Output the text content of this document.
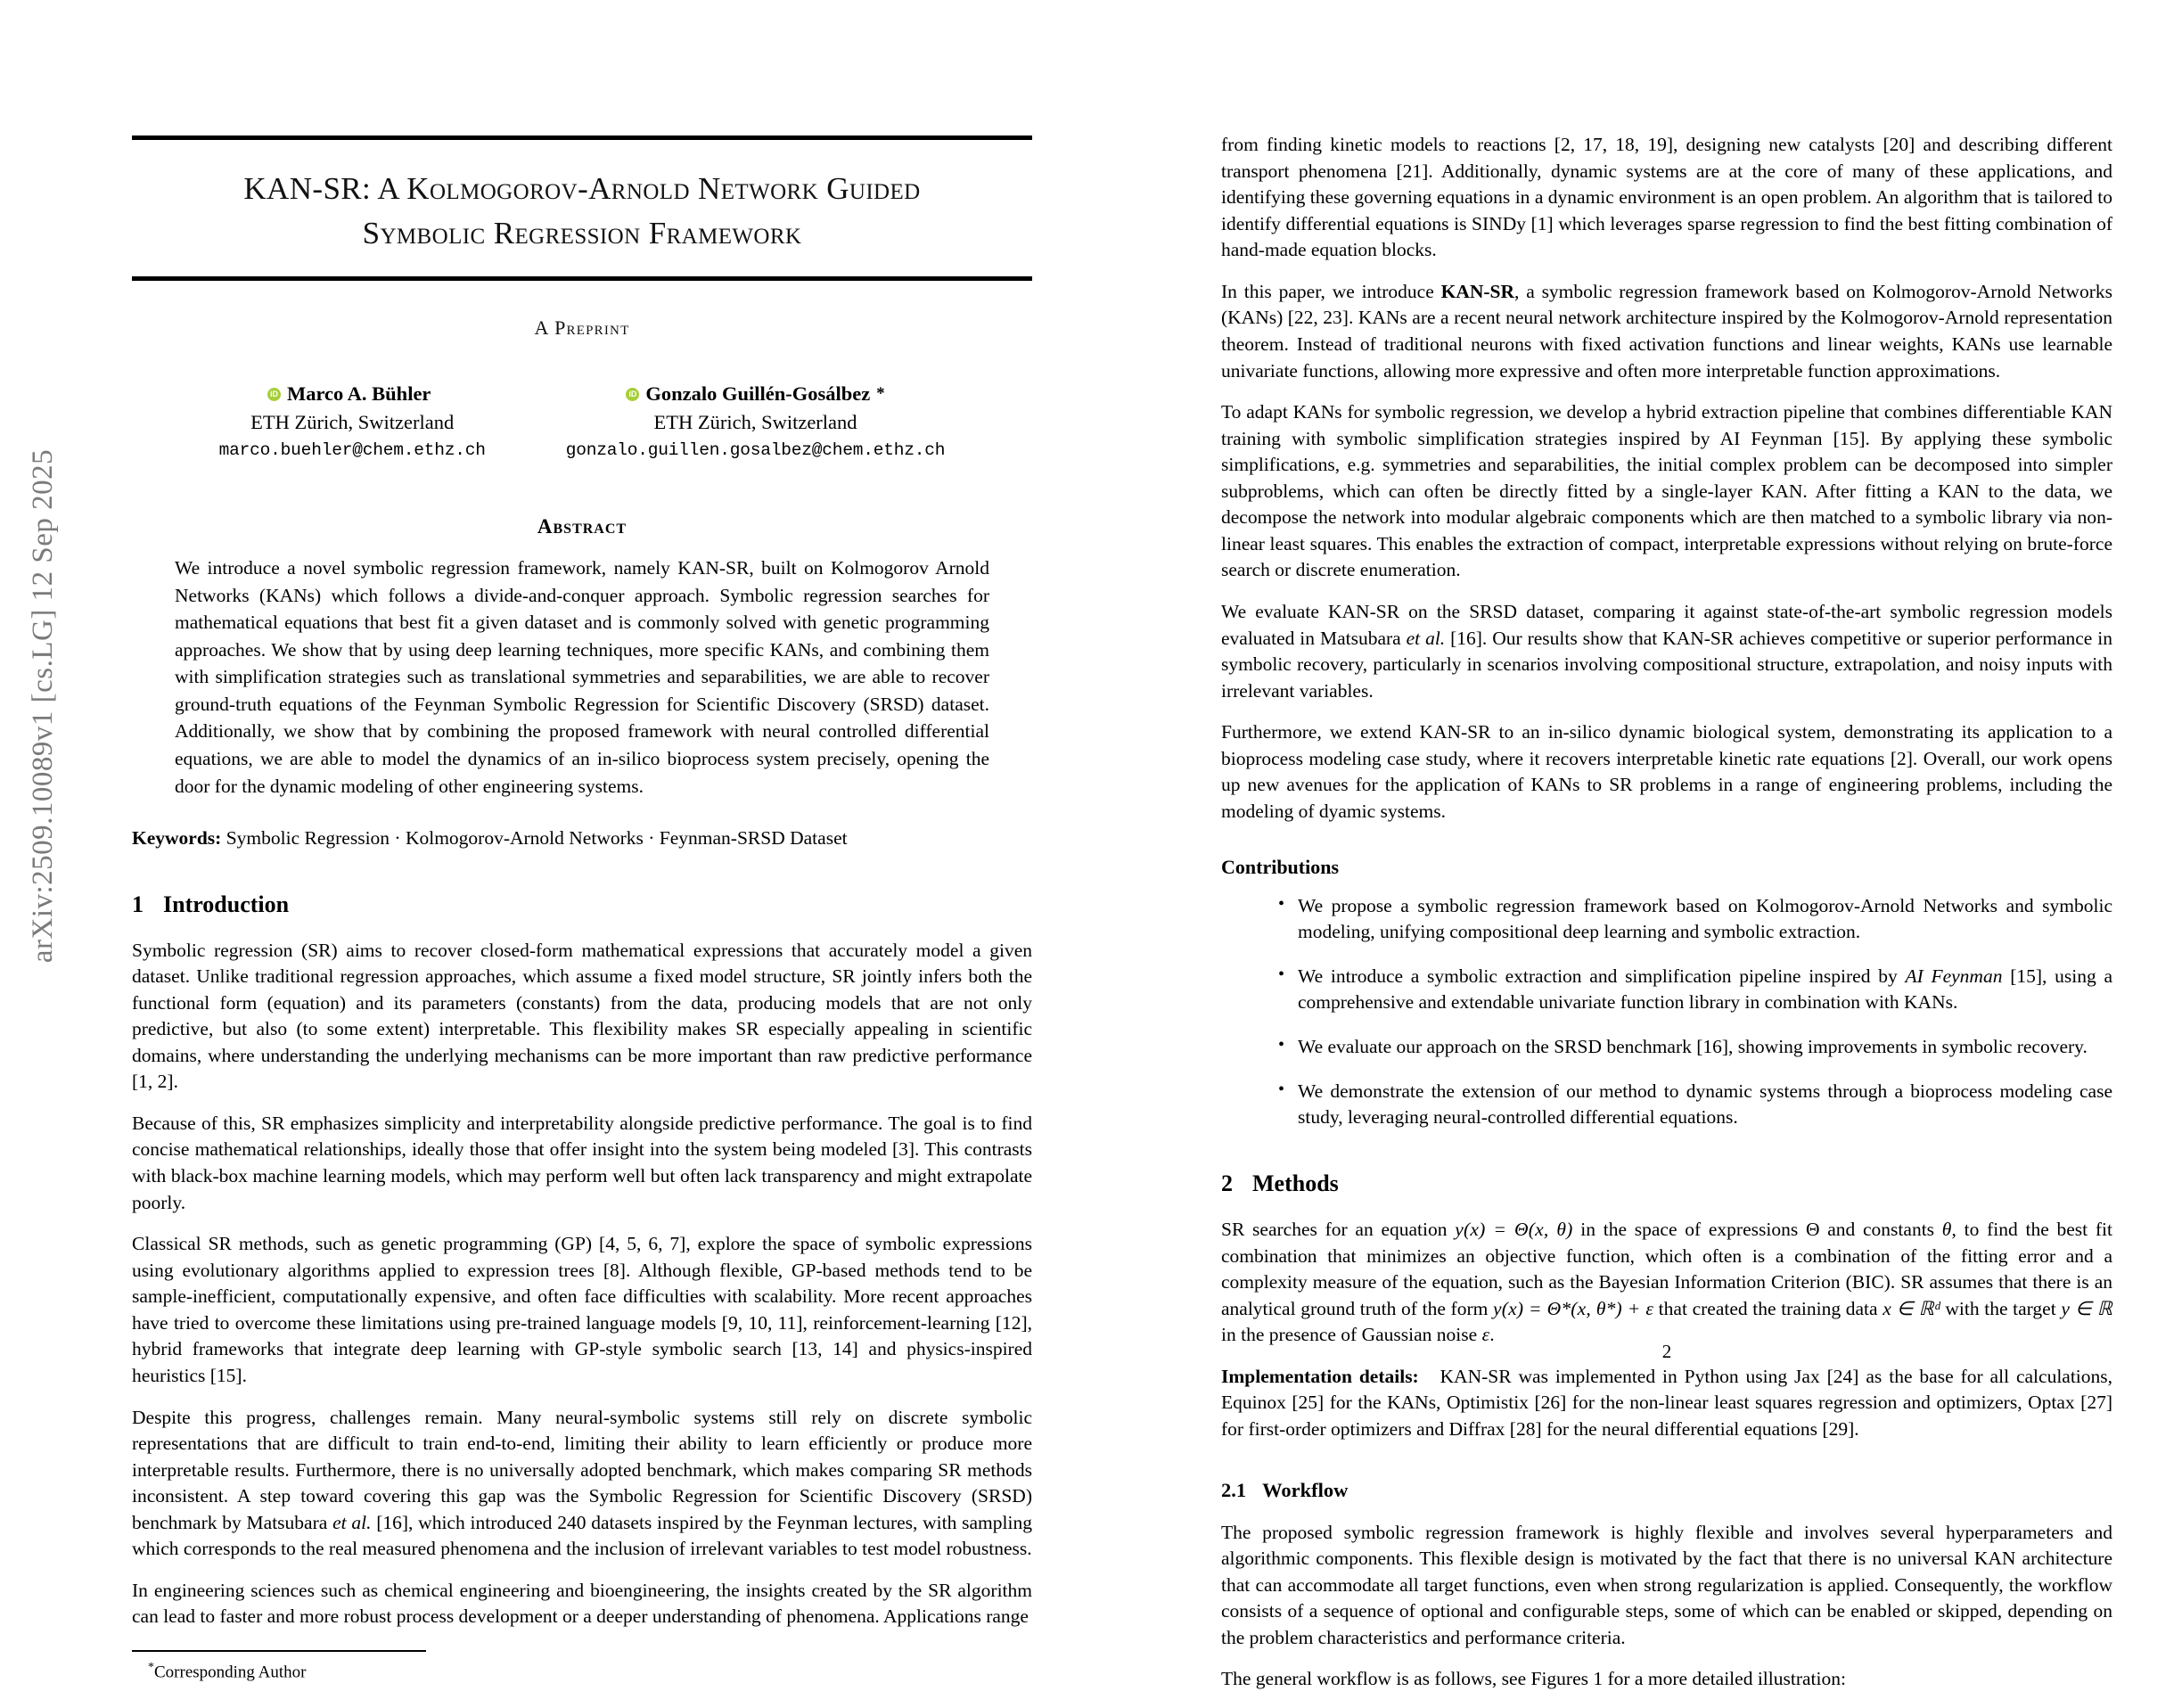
arXiv:2509.10089v1 [cs.LG] 12 Sep 2025
KAN-SR: A Kolmogorov-Arnold Network Guided
Symbolic Regression Framework
A Preprint
iD
Marco A. Bühler
ETH Zürich, Switzerland
marco.buehler@chem.ethz.ch
iD
Gonzalo Guillén-Gosálbez *
ETH Zürich, Switzerland
gonzalo.guillen.gosalbez@chem.ethz.ch
Abstract
We introduce a novel symbolic regression framework, namely KAN-SR, built on Kolmogorov Arnold Networks (KANs) which follows a divide-and-conquer approach. Symbolic regression searches for mathematical equations that best fit a given dataset and is commonly solved with genetic programming approaches. We show that by using deep learning techniques, more specific KANs, and combining them with simplification strategies such as translational symmetries and separabilities, we are able to recover ground-truth equations of the Feynman Symbolic Regression for Scientific Discovery (SRSD) dataset. Additionally, we show that by combining the proposed framework with neural controlled differential equations, we are able to model the dynamics of an in-silico bioprocess system precisely, opening the door for the dynamic modeling of other engineering systems.
Keywords: Symbolic Regression · Kolmogorov-Arnold Networks · Feynman-SRSD Dataset
1 Introduction

Symbolic regression (SR) aims to recover closed-form mathematical expressions that accurately model a given dataset. Unlike traditional regression approaches, which assume a fixed model structure, SR jointly infers both the functional form (equation) and its parameters (constants) from the data, producing models that are not only predictive, but also (to some extent) interpretable. This flexibility makes SR especially appealing in scientific domains, where understanding the underlying mechanisms can be more important than raw predictive performance [1, 2].

Because of this, SR emphasizes simplicity and interpretability alongside predictive performance. The goal is to find concise mathematical relationships, ideally those that offer insight into the system being modeled [3]. This contrasts with black-box machine learning models, which may perform well but often lack transparency and might extrapolate poorly.

Classical SR methods, such as genetic programming (GP) [4, 5, 6, 7], explore the space of symbolic expressions using evolutionary algorithms applied to expression trees [8]. Although flexible, GP-based methods tend to be sample-inefficient, computationally expensive, and often face difficulties with scalability. More recent approaches have tried to overcome these limitations using pre-trained language models [9, 10, 11], reinforcement-learning [12], hybrid frameworks that integrate deep learning with GP-style symbolic search [13, 14] and physics-inspired heuristics [15].

Despite this progress, challenges remain. Many neural-symbolic systems still rely on discrete symbolic representations that are difficult to train end-to-end, limiting their ability to learn efficiently or produce more interpretable results. Furthermore, there is no universally adopted benchmark, which makes comparing SR methods inconsistent. A step toward covering this gap was the Symbolic Regression for Scientific Discovery (SRSD) benchmark by Matsubara et al. [16], which introduced 240 datasets inspired by the Feynman lectures, with sampling which corresponds to the real measured phenomena and the inclusion of irrelevant variables to test model robustness.

In engineering sciences such as chemical engineering and bioengineering, the insights created by the SR algorithm can lead to faster and more robust process development or a deeper understanding of phenomena. Applications range

*Corresponding Author

from finding kinetic models to reactions [2, 17, 18, 19], designing new catalysts [20] and describing different transport phenomena [21]. Additionally, dynamic systems are at the core of many of these applications, and identifying these governing equations in a dynamic environment is an open problem. An algorithm that is tailored to identify differential equations is SINDy [1] which leverages sparse regression to find the best fitting combination of hand-made equation blocks.

In this paper, we introduce KAN-SR, a symbolic regression framework based on Kolmogorov-Arnold Networks (KANs) [22, 23]. KANs are a recent neural network architecture inspired by the Kolmogorov-Arnold representation theorem. Instead of traditional neurons with fixed activation functions and linear weights, KANs use learnable univariate functions, allowing more expressive and often more interpretable function approximations.

To adapt KANs for symbolic regression, we develop a hybrid extraction pipeline that combines differentiable KAN training with symbolic simplification strategies inspired by AI Feynman [15]. By applying these symbolic simplifications, e.g. symmetries and separabilities, the initial complex problem can be decomposed into simpler subproblems, which can often be directly fitted by a single-layer KAN. After fitting a KAN to the data, we decompose the network into modular algebraic components which are then matched to a symbolic library via non-linear least squares. This enables the extraction of compact, interpretable expressions without relying on brute-force search or discrete enumeration.

We evaluate KAN-SR on the SRSD dataset, comparing it against state-of-the-art symbolic regression models evaluated in Matsubara et al. [16]. Our results show that KAN-SR achieves competitive or superior performance in symbolic recovery, particularly in scenarios involving compositional structure, extrapolation, and noisy inputs with irrelevant variables.

Furthermore, we extend KAN-SR to an in-silico dynamic biological system, demonstrating its application to a bioprocess modeling case study, where it recovers interpretable kinetic rate equations [2]. Overall, our work opens up new avenues for the application of KANs to SR problems in a range of engineering problems, including the modeling of dyamic systems.

Contributions
• We propose a symbolic regression framework based on Kolmogorov-Arnold Networks and symbolic modeling, unifying compositional deep learning and symbolic extraction.
• We introduce a symbolic extraction and simplification pipeline inspired by AI Feynman [15], using a comprehensive and extendable univariate function library in combination with KANs.
• We evaluate our approach on the SRSD benchmark [16], showing improvements in symbolic recovery.
• We demonstrate the extension of our method to dynamic systems through a bioprocess modeling case study, leveraging neural-controlled differential equations.
2 Methods

SR searches for an equation y(x) = Θ(x, θ) in the space of expressions Θ and constants θ, to find the best fit combination that minimizes an objective function, which often is a combination of the fitting error and a complexity measure of the equation, such as the Bayesian Information Criterion (BIC). SR assumes that there is an analytical ground truth of the form y(x) = Θ*(x, θ*) + ε that created the training data x ∈ ℝᵈ with the target y ∈ ℝ in the presence of Gaussian noise ε.

Implementation details: KAN-SR was implemented in Python using Jax [24] as the base for all calculations, Equinox [25] for the KANs, Optimistix [26] for the non-linear least squares regression and optimizers, Optax [27] for first-order optimizers and Diffrax [28] for the neural differential equations [29].

2.1 Workflow

The proposed symbolic regression framework is highly flexible and involves several hyperparameters and algorithmic components. This flexible design is motivated by the fact that there is no universal KAN architecture that can accommodate all target functions, even when strong regularization is applied. Consequently, the workflow consists of a sequence of optional and configurable steps, some of which can be enabled or skipped, depending on the problem characteristics and performance criteria.

The general workflow is as follows, see Figures 1 for a more detailed illustration:

2
